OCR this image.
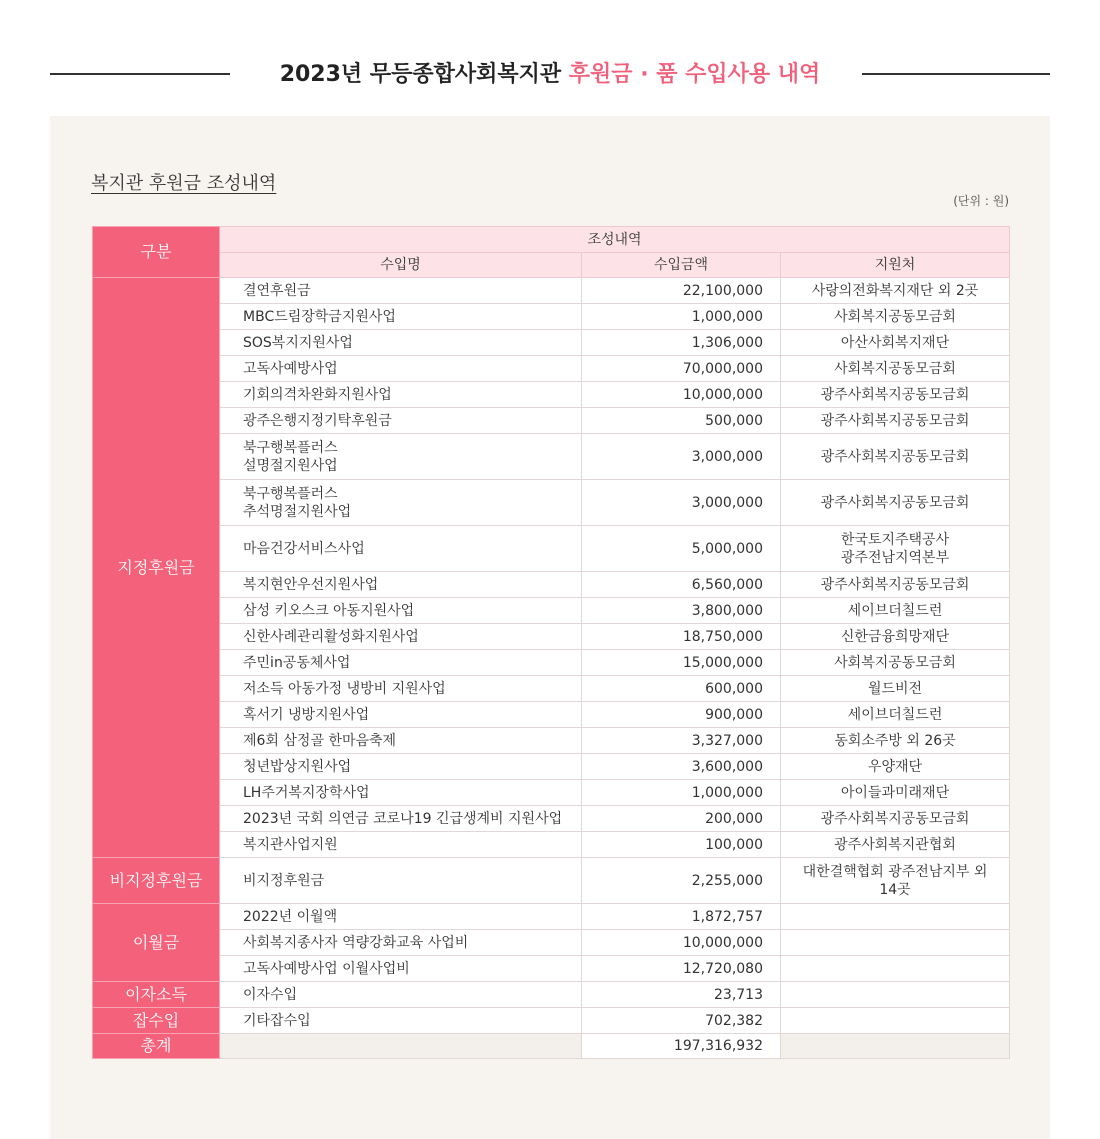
2023년 무등종합사회복지관 후원금 · 품 수입사용 내역
복지관 후원금 조성내역
(단위 : 원)
구분	조성내역		
	수입명	수입금액	지원처
지정후원금	결연후원금	22,100,000	사랑의전화복지재단 외 2곳
	MBC드림장학금지원사업	1,000,000	사회복지공동모금회
	SOS복지지원사업	1,306,000	아산사회복지재단
	고독사예방사업	70,000,000	사회복지공동모금회
	기회의격차완화지원사업	10,000,000	광주사회복지공동모금회
	광주은행지정기탁후원금	500,000	광주사회복지공동모금회
	북구행복플러스
설명절지원사업	3,000,000	광주사회복지공동모금회
	북구행복플러스
추석명절지원사업	3,000,000	광주사회복지공동모금회
	마음건강서비스사업	5,000,000	한국토지주택공사
광주전남지역본부
	복지현안우선지원사업	6,560,000	광주사회복지공동모금회
	삼성 키오스크 아동지원사업	3,800,000	세이브더칠드런
	신한사례관리활성화지원사업	18,750,000	신한금융희망재단
	주민in공동체사업	15,000,000	사회복지공동모금회
	저소득 아동가정 냉방비 지원사업	600,000	월드비전
	혹서기 냉방지원사업	900,000	세이브더칠드런
	제6회 삼정골 한마음축제	3,327,000	동회소주방 외 26곳
	청년밥상지원사업	3,600,000	우양재단
	LH주거복지장학사업	1,000,000	아이들과미래재단
	2023년 국회 의연금 코로나19 긴급생계비 지원사업	200,000	광주사회복지공동모금회
	복지관사업지원	100,000	광주사회복지관협회
비지정후원금	비지정후원금	2,255,000	대한결핵협회 광주전남지부 외
14곳
이월금	2022년 이월액	1,872,757	
	사회복지종사자 역량강화교육 사업비	10,000,000	
	고독사예방사업 이월사업비	12,720,080	
이자소득	이자수입	23,713	
잡수입	기타잡수입	702,382	
총계		197,316,932	
